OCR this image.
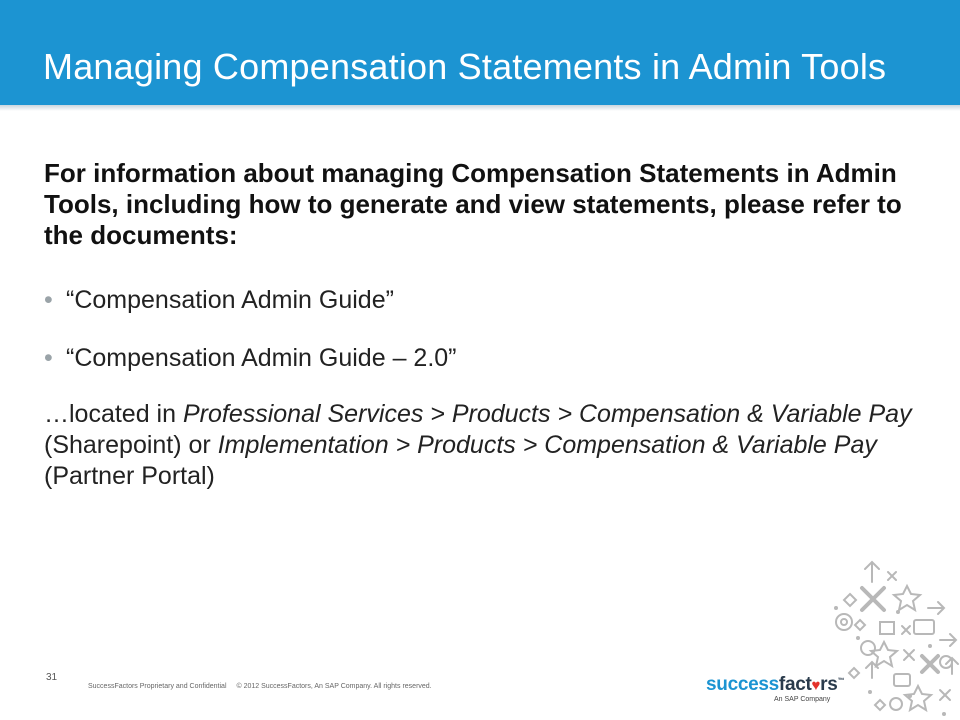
Managing Compensation Statements in Admin Tools
For information about managing Compensation Statements in Admin Tools, including how to generate and view statements, please refer to the documents:
• “Compensation Admin Guide”
• “Compensation Admin Guide – 2.0”
…located in Professional Services > Products > Compensation & Variable Pay (Sharepoint) or Implementation > Products > Compensation & Variable Pay (Partner Portal)
31
SuccessFactors Proprietary and Confidential © 2012 SuccessFactors, An SAP Company. All rights reserved.	successfact♥rs™
An SAP Company
